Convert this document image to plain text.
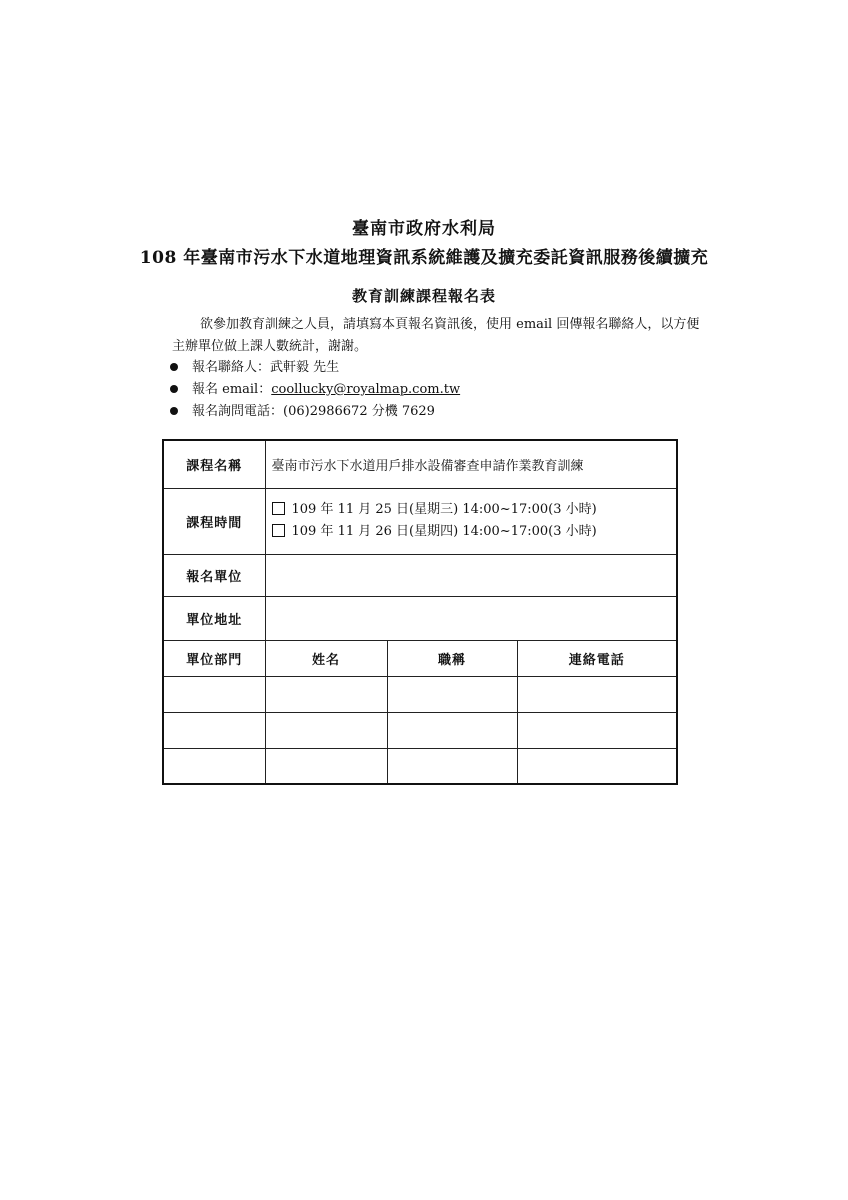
臺南市政府水利局
108 年臺南市污水下水道地理資訊系統維護及擴充委託資訊服務後續擴充
教育訓練課程報名表
欲參加教育訓練之人員，請填寫本頁報名資訊後，使用 email 回傳報名聯絡人，以方便主辦單位做上課人數統計，謝謝。
報名聯絡人：武軒毅 先生
報名 email：coollucky@royalmap.com.tw
報名詢問電話：(06)2986672 分機 7629
課程名稱	臺南市污水下水道用戶排水設備審查申請作業教育訓練		
課程時間	109 年 11 月 25 日(星期三) 14:00~17:00(3 小時)
109 年 11 月 26 日(星期四) 14:00~17:00(3 小時)		

報名單位			
單位地址			
單位部門	姓名	職稱	連絡電話
